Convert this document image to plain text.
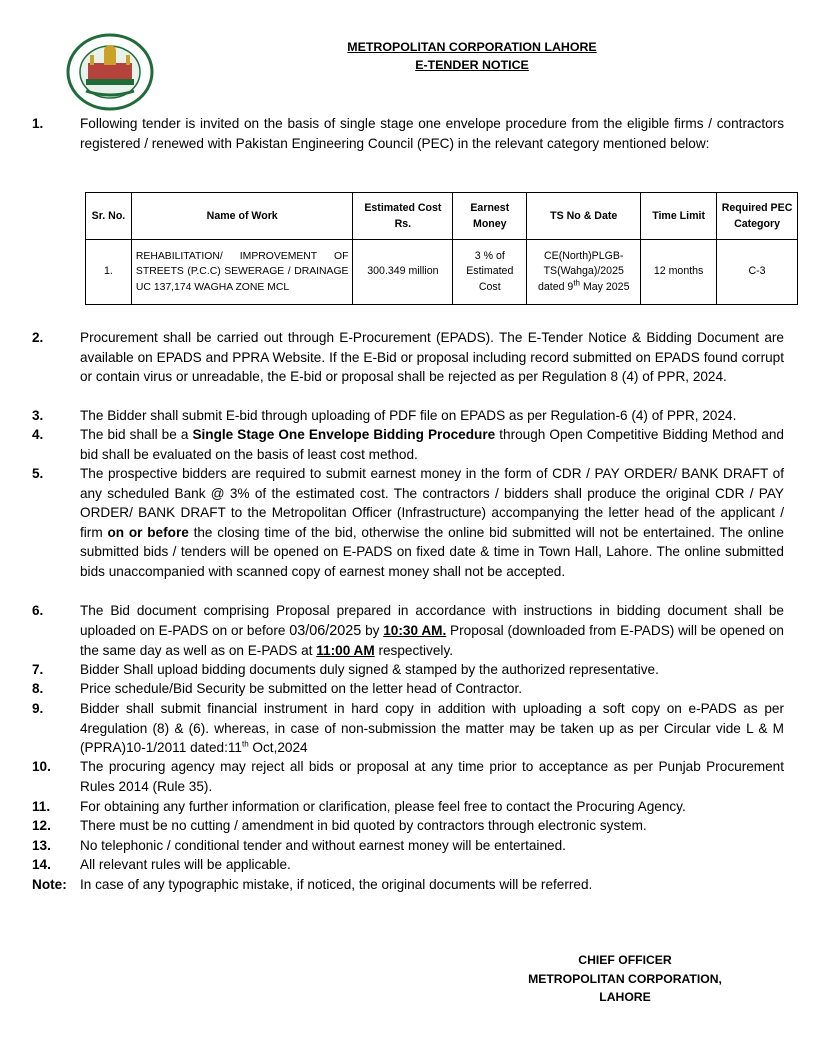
METROPOLITAN CORPORATION LAHORE
E-TENDER NOTICE
1.	Following tender is invited on the basis of single stage one envelope procedure from the eligible firms / contractors registered / renewed with Pakistan Engineering Council (PEC) in the relevant category mentioned below:
Sr. No.	Name of Work	Estimated Cost Rs.	Earnest Money	TS No & Date	Time Limit	Required PEC Category
1.	REHABILITATION/ IMPROVEMENT OF STREETS (P.C.C) SEWERAGE / DRAINAGE UC 137,174 WAGHA ZONE MCL	300.349 million	3 % of Estimated Cost	CE(North)PLGB-TS(Wahga)/2025 dated 9th May 2025	12 months	C-3
2.	Procurement shall be carried out through E-Procurement (EPADS). The E-Tender Notice & Bidding Document are available on EPADS and PPRA Website. If the E-Bid or proposal including record submitted on EPADS found corrupt or contain virus or unreadable, the E-bid or proposal shall be rejected as per Regulation 8 (4) of PPR, 2024.
3.	The Bidder shall submit E-bid through uploading of PDF file on EPADS as per Regulation-6 (4) of PPR, 2024.
4.	The bid shall be a Single Stage One Envelope Bidding Procedure through Open Competitive Bidding Method and bid shall be evaluated on the basis of least cost method.
5.	The prospective bidders are required to submit earnest money in the form of CDR / PAY ORDER/ BANK DRAFT of any scheduled Bank @ 3% of the estimated cost. The contractors / bidders shall produce the original CDR / PAY ORDER/ BANK DRAFT to the Metropolitan Officer (Infrastructure) accompanying the letter head of the applicant / firm on or before the closing time of the bid, otherwise the online bid submitted will not be entertained. The online submitted bids / tenders will be opened on E-PADS on fixed date & time in Town Hall, Lahore. The online submitted bids unaccompanied with scanned copy of earnest money shall not be accepted.
6.	The Bid document comprising Proposal prepared in accordance with instructions in bidding document shall be uploaded on E-PADS on or before 03/06/2025 by 10:30 AM. Proposal (downloaded from E-PADS) will be opened on the same day as well as on E-PADS at 11:00 AM respectively.
7.	Bidder Shall upload bidding documents duly signed & stamped by the authorized representative.
8.	Price schedule/Bid Security be submitted on the letter head of Contractor.
9.	Bidder shall submit financial instrument in hard copy in addition with uploading a soft copy on e-PADS as per 4regulation (8) & (6). whereas, in case of non-submission the matter may be taken up as per Circular vide L & M (PPRA)10-1/2011 dated:11th Oct,2024
10. The procuring agency may reject all bids or proposal at any time prior to acceptance as per Punjab Procurement Rules 2014 (Rule 35).
11. For obtaining any further information or clarification, please feel free to contact the Procuring Agency.
12. There must be no cutting / amendment in bid quoted by contractors through electronic system.
13. No telephonic / conditional tender and without earnest money will be entertained.
14. All relevant rules will be applicable.
Note: In case of any typographic mistake, if noticed, the original documents will be referred.
CHIEF OFFICER
METROPOLITAN CORPORATION,
LAHORE
